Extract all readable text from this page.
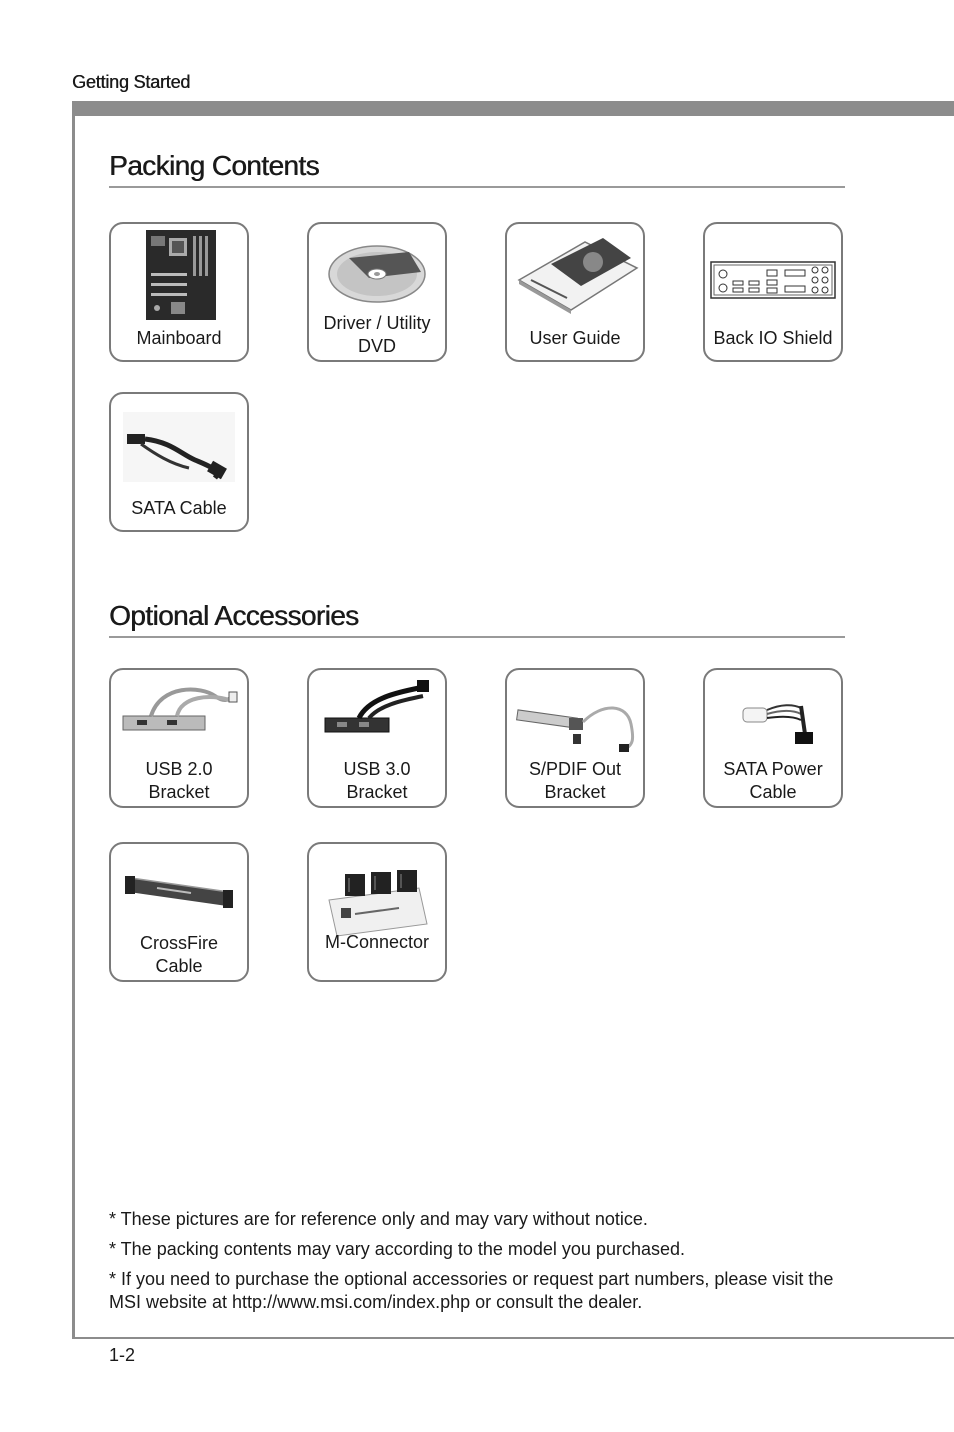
Getting Started
Packing Contents
Mainboard
Driver / Utility
DVD	User Guide	Back IO Shield
SATA Cable
Optional Accessories
USB 2.0
Bracket
USB 3.0
Bracket
S/PDIF Out
Bracket
SATA Power
Cable
CrossFire
Cable
M-Connector
* These pictures are for reference only and may vary without notice.
* The packing contents may vary according to the model you purchased.
* If you need to purchase the optional accessories or request part numbers, please visit the MSI website at http://www.msi.com/index.php or consult the dealer.
1-2
